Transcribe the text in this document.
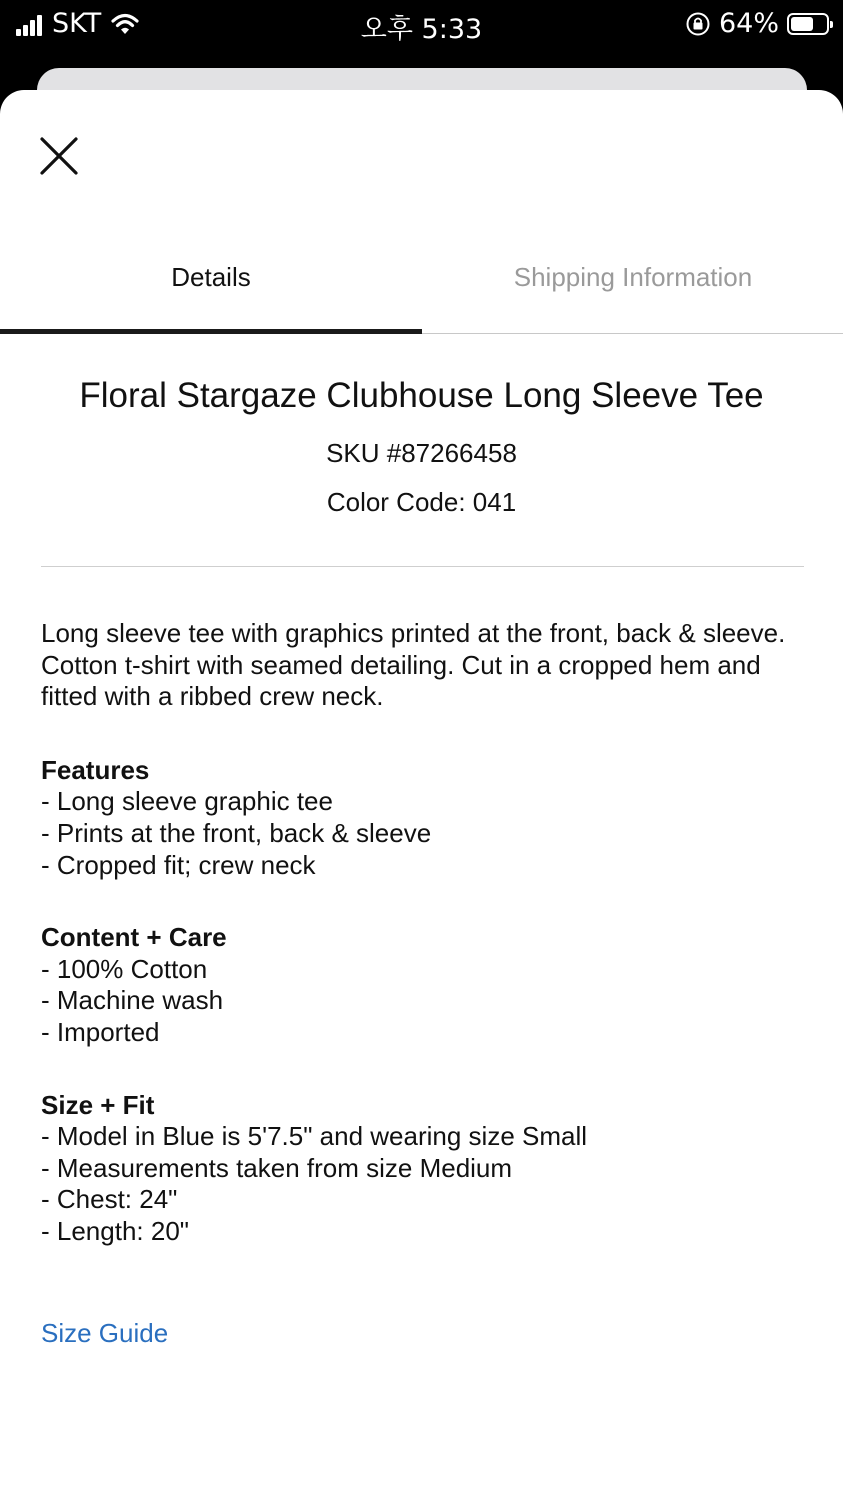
SKT	오후 5:33	64%
Details	Shipping Information
Floral Stargaze Clubhouse Long Sleeve Tee
SKU #87266458
Color Code: 041

Long sleeve tee with graphics printed at the front, back & sleeve. Cotton t-shirt with seamed detailing. Cut in a cropped hem and fitted with a ribbed crew neck.

Features
- Long sleeve graphic tee
- Prints at the front, back & sleeve
- Cropped fit; crew neck
Content + Care
- 100% Cotton
- Machine wash
- Imported
Size + Fit
- Model in Blue is 5'7.5" and wearing size Small
- Measurements taken from size Medium
- Chest: 24"
- Length: 20"
Size Guide
